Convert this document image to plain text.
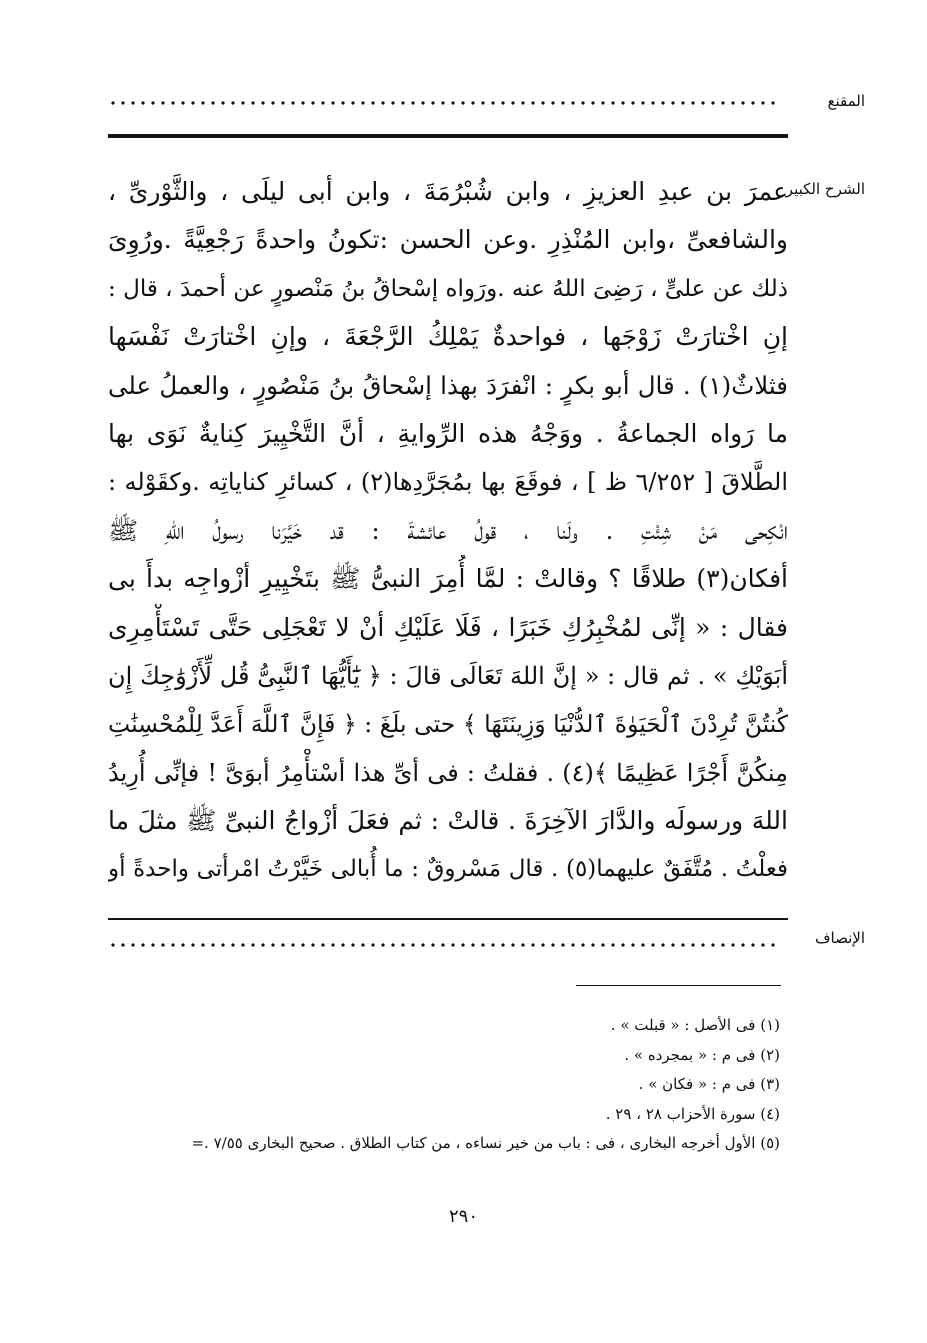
المقنع
الشرح الكبير
عمرَ بن عبدِ العزيزِ ، وابن شُبْرُمَةَ ، وابن أبى ليلَى ، والثَّوْرىِّ ،
والشافعىِّ ،وابن المُنْذِرِ .وعن الحسن :تكونُ واحدةً رَجْعِيَّةً .ورُوِىَ
ذلك عن علىٍّ ، رَضِىَ اللهُ عنه .ورَواه إسْحاقُ بنُ مَنْصورٍ عن أحمدَ ، قال :
إنِ اخْتارَتْ زَوْجَها ، فواحدةٌ يَمْلِكُ الرَّجْعَةَ ، وإنِ اخْتارَتْ نَفْسَها
فثلاثٌ(١) . قال أبو بكرٍ : انْفرَدَ بهذا إسْحاقُ بنُ مَنْصُورٍ ، والعملُ على
ما رَواه الجماعةُ . ووَجْهُ هذه الرِّوايةِ ، أنَّ التَّخْيِيرَ كِنايةٌ نَوَى بها
الطَّلاقَ [ ٦/٢٥٢ ظ ] ، فوقَعَ بها بمُجَرَّدِها(٢) ، كسائرِ كناياتِه .وكقَوْله :
انْكِحى مَنْ شِئْتِ . ولَنا ، قولُ عائشةَ : قد خَيَّرَنا رسولُ اللهِ ﷺ
أفكان(٣) طلاقًا ؟ وقالتْ : لمَّا أُمِرَ النبىُّ ﷺ بتَخْيِيرِ أزْواجِه بدأَ بى
فقال : « إنِّى لمُخْبِرُكِ خَبَرًا ، فَلَا عَلَيْكِ أنْ لا تَعْجَلِى حَتَّى تَسْتَأْمِرِى
أبَوَيْكِ » . ثم قال : « إنَّ اللهَ تَعَالَى قالَ : ﴿ يَٰٓأَيُّهَا ٱلنَّبِىُّ قُل لِّأَزْوَٰجِكَ إِن
كُنتُنَّ تُرِدْنَ ٱلْحَيَوٰةَ ٱلدُّنْيَا وَزِينَتَهَا ﴾ حتى بلَغَ : ﴿ فَإِنَّ ٱللَّهَ أَعَدَّ لِلْمُحْسِنَٰتِ
مِنكُنَّ أَجْرًا عَظِيمًا ﴾(٤) . فقلتُ : فى أىِّ هذا أسْتأْمِرُ أبوَىَّ ! فإنِّى أُرِيدُ
اللهَ ورسولَه والدَّارَ الآخِرَةَ . قالتْ : ثم فعَلَ أزْواجُ النبىِّ ﷺ مثلَ ما
فعلْتُ . مُتَّفَقٌ عليهما(٥) . قال مَسْروقٌ : ما أُبالى خَيَّرْتُ امْرأتى واحدةً أو
الإنصاف
(١) فى الأصل : « قبلت » .
(٢) فى م : « بمجرده » .
(٣) فى م : « فكان » .
(٤) سورة الأحزاب ٢٨ ، ٢٩ .
(٥) الأول أخرجه البخارى ، فى : باب من خير نساءه ، من كتاب الطلاق . صحيح البخارى ٧/٥٥ .=
٢٩٠
